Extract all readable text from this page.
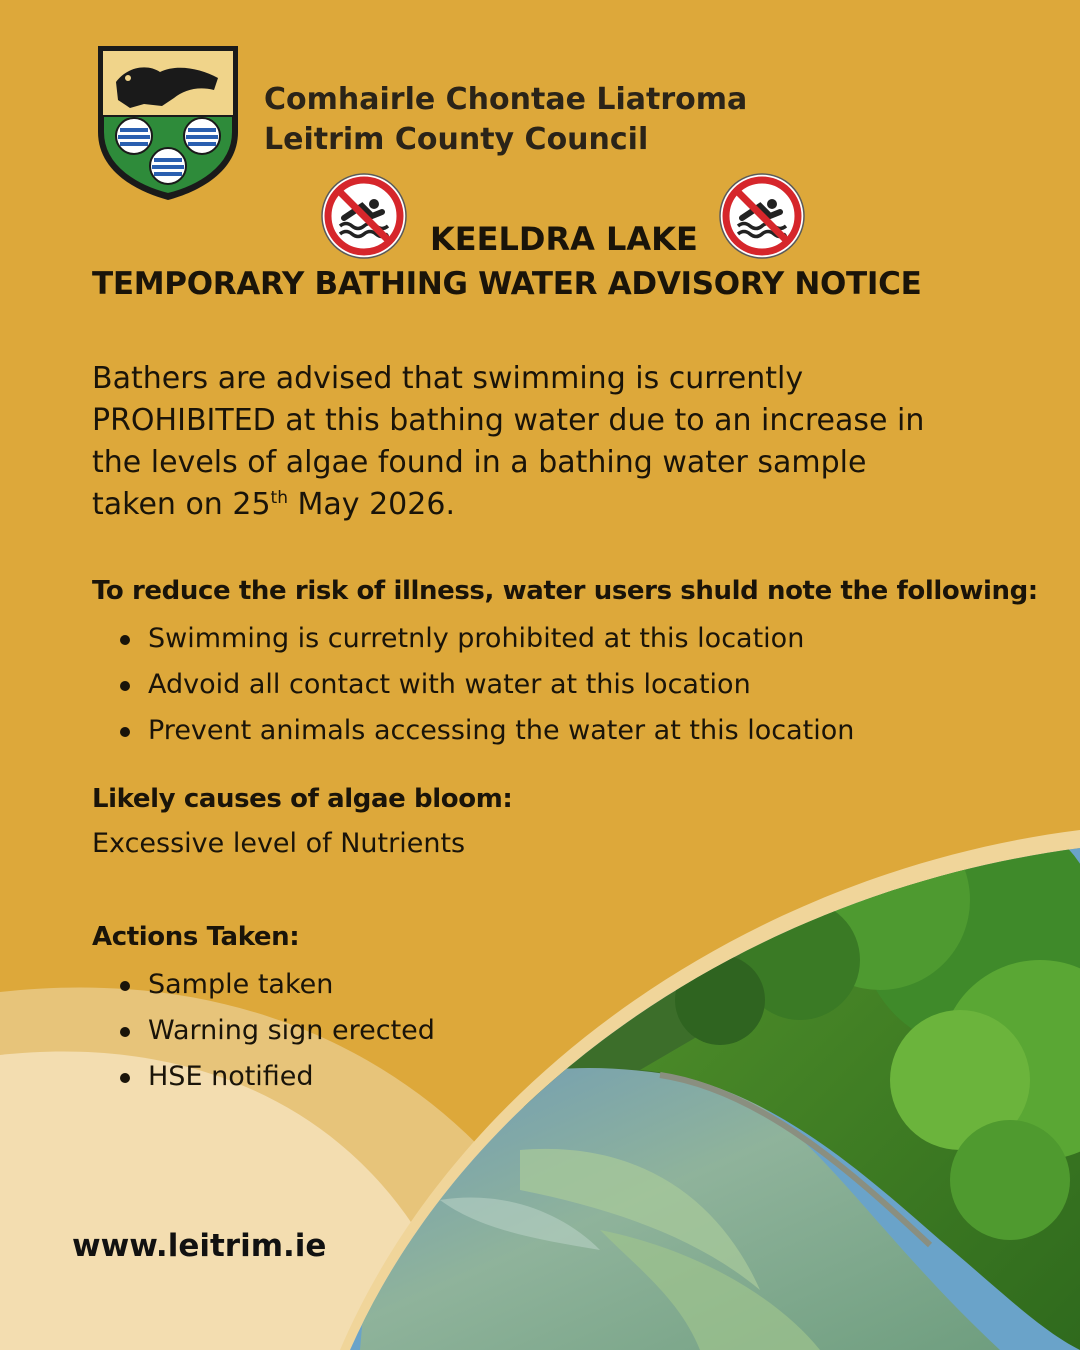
Comhairle Chontae Liatroma
Leitrim County Council
KEELDRA LAKE
TEMPORARY BATHING WATER ADVISORY NOTICE

Bathers are advised that swimming is currently

PROHIBITED at this bathing water due to an increase in

the levels of algae found in a bathing water sample

taken on 25th May 2026.

To reduce the risk of illness, water users shuld note the following:
Swimming is curretnly prohibited at this location
Advoid all contact with water at this location
Prevent animals accessing the water at this location
Likely causes of algae bloom:
Excessive level of Nutrients
Actions Taken:
Sample taken
Warning sign erected
HSE notified
www.leitrim.ie
